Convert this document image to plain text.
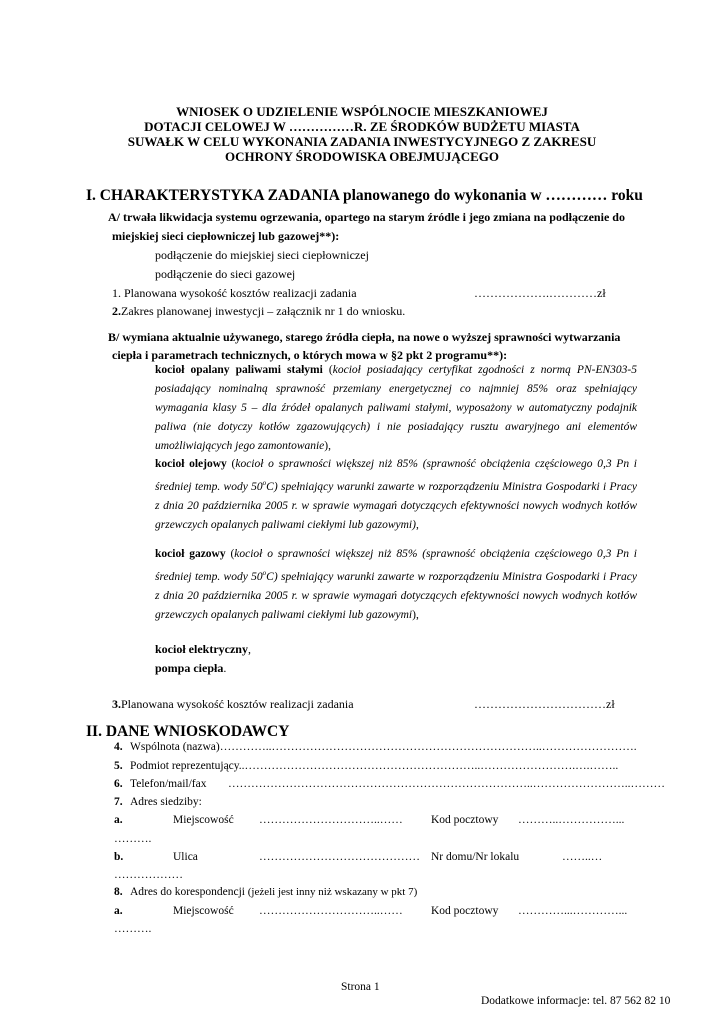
WNIOSEK O UDZIELENIE WSPÓLNOCIE MIESZKANIOWEJ
DOTACJI CELOWEJ W ……………R. ZE ŚRODKÓW BUDŻETU MIASTA
SUWAŁK W CELU WYKONANIA ZADANIA INWESTYCYJNEGO Z ZAKRESU
OCHRONY ŚRODOWISKA OBEJMUJĄCEGO
I. CHARAKTERYSTYKA ZADANIA planowanego do wykonania w ………… roku
A/ trwała likwidacja systemu ogrzewania, opartego na starym źródle i jego zmiana na podłączenie do
miejskiej sieci ciepłowniczej lub gazowej**):
podłączenie do miejskiej sieci ciepłowniczej
podłączenie do sieci gazowej
1. Planowana wysokość kosztów realizacji zadania	……………….…………zł
2.Zakres planowanej inwestycji – załącznik nr 1 do wniosku.
B/ wymiana aktualnie używanego, starego źródła ciepła, na nowe o wyższej sprawności wytwarzania
ciepła i parametrach technicznych, o których mowa w §2 pkt 2 programu**):
kocioł opalany paliwami stałymi (kocioł posiadający certyfikat zgodności z normą PN-EN303-5 posiadający nominalną sprawność przemiany energetycznej co najmniej 85% oraz spełniający wymagania klasy 5 – dla źródeł opalanych paliwami stałymi, wyposażony w automatyczny podajnik paliwa (nie dotyczy kotłów zgazowujących) i nie posiadający rusztu awaryjnego ani elementów umożliwiających jego zamontowanie),
kocioł olejowy (kocioł o sprawności większej niż 85% (sprawność obciążenia częściowego 0,3 Pn i średniej temp. wody 50$^o$C) spełniający warunki zawarte w rozporządzeniu Ministra Gospodarki i Pracy z dnia 20 października 2005 r. w sprawie wymagań dotyczących efektywności nowych wodnych kotłów grzewczych opalanych paliwami ciekłymi lub gazowymi),
kocioł gazowy (kocioł o sprawności większej niż 85% (sprawność obciążenia częściowego 0,3 Pn i średniej temp. wody 50$^o$C) spełniający warunki zawarte w rozporządzeniu Ministra Gospodarki i Pracy z dnia 20 października 2005 r. w sprawie wymagań dotyczących efektywności nowych wodnych kotłów grzewczych opalanych paliwami ciekłymi lub gazowymi),
kocioł elektryczny,
pompa ciepła.
3.Planowana wysokość kosztów realizacji zadania	……………………………zł
II. DANE WNIOSKODAWCY
4. Wspólnota (nazwa)…………..……………………………………………………………..…………………….
5. Podmiot reprezentujący..……………………………………………………..…………………….….……..
6. Telefon/mail/fax ……………………………………………………………………..……………………..………
7. Adres siedziby:
a.	Miejscowość …………………………..…… Kod pocztowy ………..……………...
……….
b.	Ulica	…………………………………… Nr domu/Nr lokalu	……..…
………………
8. Adres do korespondencji (jeżeli jest inny niż wskazany w pkt 7)
a.	Miejscowość …………………………..…… Kod pocztowy …………...…………...
……….
Strona 1
Dodatkowe informacje: tel. 87 562 82 10
